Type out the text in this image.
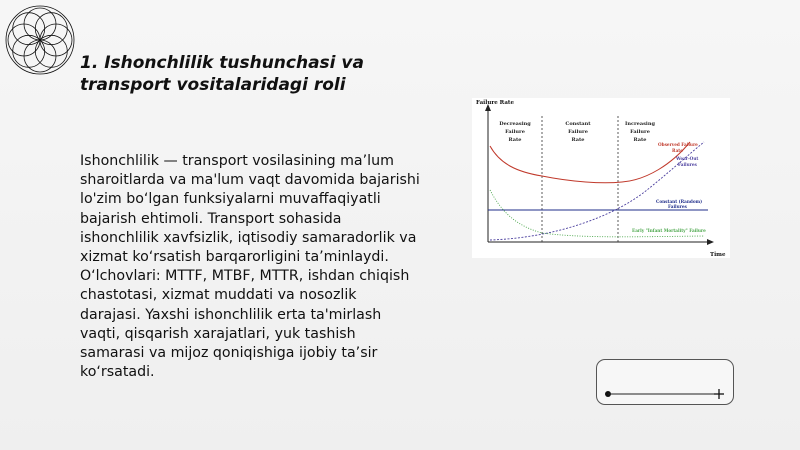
1. Ishonchlilik tushunchasi va transport vositalaridagi roli
Ishonchlilik — transport vosilasining ma’lum sharoitlarda va ma'lum vaqt davomida bajarishi lo'zim bo‘lgan funksiyalarni muvaffaqiyatli bajarish ehtimoli. Transport sohasida ishonchlilik xavfsizlik, iqtisodiy samaradorlik va xizmat ko‘rsatish barqarorligini ta’minlaydi. O‘lchovlari: MTTF, MTBF, MTTR, ishdan chiqish chastotasi, xizmat muddati va nosozlik darajasi. Yaxshi ishonchlilik erta ta'mirlash vaqti, qisqarish xarajatlari, yuk tashish samarasi va mijoz qoniqishiga ijobiy ta’sir ko‘rsatadi.
Failure Rate
Time
Decreasing
Failure
Rate
Constant
Failure
Rate
Increasing
Failure
Rate
Observed Failure
Rate
Wear-Out
Failures
Constant (Random)
Failures
Early "Infant Mortality" Failure
